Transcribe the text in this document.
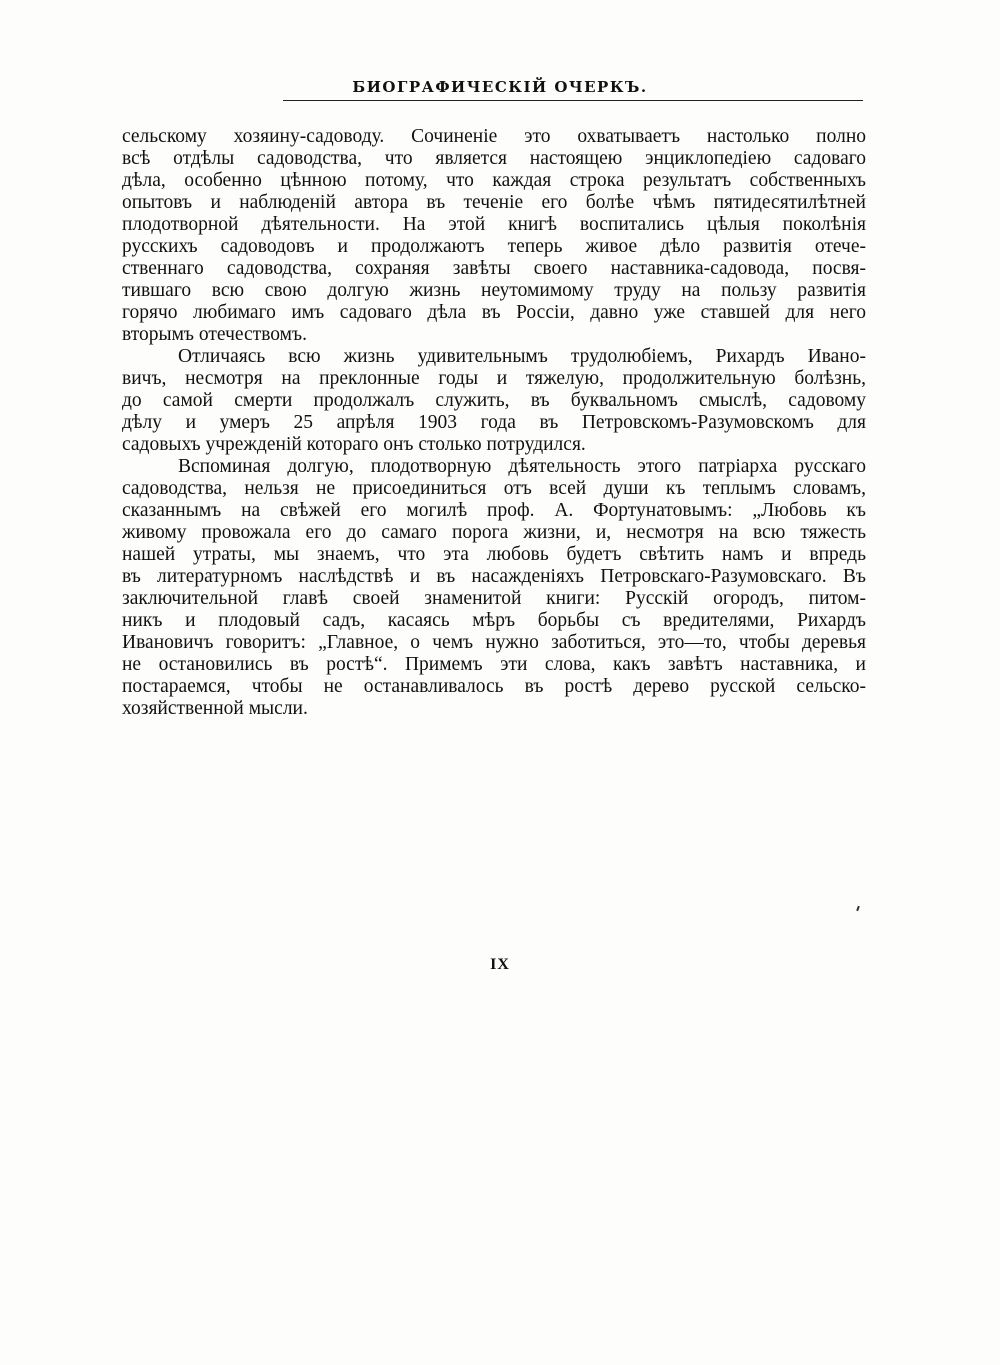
БИОГРАФИЧЕСКIЙ ОЧЕРКЪ.
сельскому хозяину-садоводу. Сочиненiе это охватываетъ настолько полно
всѣ отдѣлы садоводства, что является настоящею энциклопедiею садоваго
дѣла, особенно цѣнною потому, что каждая строка результатъ собственныхъ
опытовъ и наблюденiй автора въ теченiе его болѣе чѣмъ пятидесятилѣтней
плодотворной дѣятельности. На этой книгѣ воспитались цѣлыя поколѣнiя
русскихъ садоводовъ и продолжаютъ теперь живое дѣло развитiя отече-
ственнаго садоводства, сохраняя завѣты своего наставника-садовода, посвя-
тившаго всю свою долгую жизнь неутомимому труду на пользу развитiя
горячо любимаго имъ садоваго дѣла въ Россiи, давно уже ставшей для него
вторымъ отечествомъ.
Отличаясь всю жизнь удивительнымъ трудолюбiемъ, Рихардъ Ивано-
вичъ, несмотря на преклонные годы и тяжелую, продолжительную болѣзнь,
до самой смерти продолжалъ служить, въ буквальномъ смыслѣ, садовому
дѣлу и умеръ 25 апрѣля 1903 года въ Петровскомъ-Разумовскомъ для
садовыхъ учрежденiй котораго онъ столько потрудился.
Вспоминая долгую, плодотворную дѣятельность этого патрiарха русскаго
садоводства, нельзя не присоединиться отъ всей души къ теплымъ словамъ,
сказаннымъ на свѣжей его могилѣ проф. А. Фортунатовымъ: „Любовь къ
живому провожала его до самаго порога жизни, и, несмотря на всю тяжесть
нашей утраты, мы знаемъ, что эта любовь будетъ свѣтить намъ и впредь
въ литературномъ наслѣдствѣ и въ насажденiяхъ Петровскаго-Разумовскаго. Въ
заключительной главѣ своей знаменитой книги: Русскiй огородъ, питом-
никъ и плодовый садъ, касаясь мѣръ борьбы съ вредителями, Рихардъ
Ивановичъ говоритъ: „Главное, о чемъ нужно заботиться, это—то, чтобы деревья
не остановились въ ростѣ“. Примемъ эти слова, какъ завѣтъ наставника, и
постараемся, чтобы не останавливалось въ ростѣ дерево русской сельско-
хозяйственной мысли.
IX
